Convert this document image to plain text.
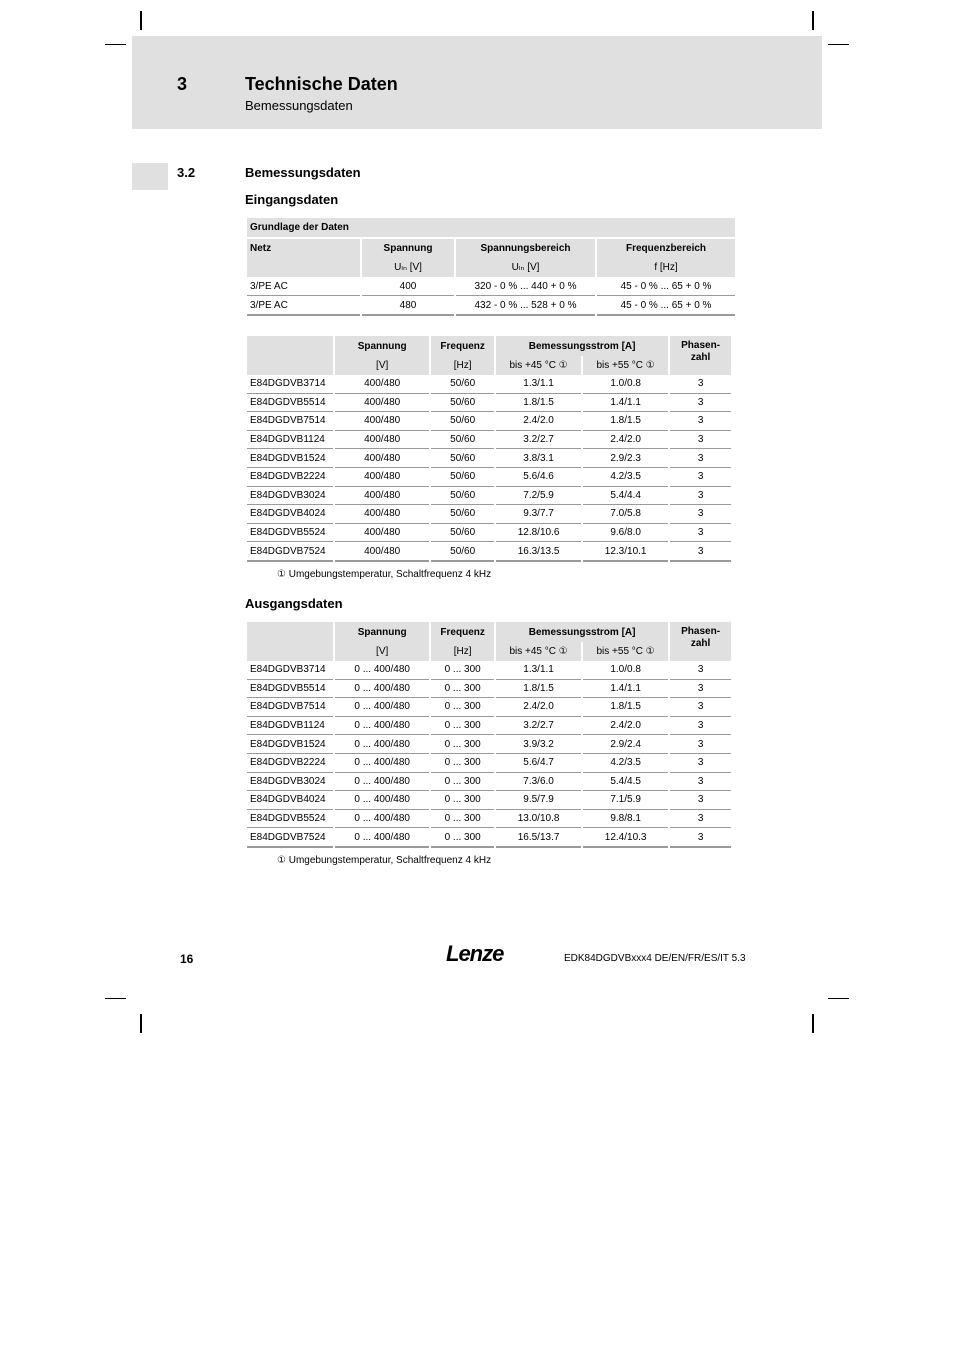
3	Technische Daten
Bemessungsdaten
3.2	Bemessungsdaten
Eingangsdaten
Grundlage der Daten			
Netz	Spannung	Spannungsbereich	Frequenzbereich
	Uₗₙ [V]	Uₗₙ [V]	f [Hz]
3/PE AC	400	320 - 0 % ... 440 + 0 %	45 - 0 % ... 65 + 0 %
3/PE AC	480	432 - 0 % ... 528 + 0 %	45 - 0 % ... 65 + 0 %
	Spannung	Frequenz	Bemessungsstrom [A]		Phasen-
zahl
	[V]	[Hz]	bis +45 °C ①	bis +55 °C ①	
E84DGDVB3714	400/480	50/60	1.3/1.1	1.0/0.8	3
E84DGDVB5514	400/480	50/60	1.8/1.5	1.4/1.1	3
E84DGDVB7514	400/480	50/60	2.4/2.0	1.8/1.5	3
E84DGDVB1124	400/480	50/60	3.2/2.7	2.4/2.0	3
E84DGDVB1524	400/480	50/60	3.8/3.1	2.9/2.3	3
E84DGDVB2224	400/480	50/60	5.6/4.6	4.2/3.5	3
E84DGDVB3024	400/480	50/60	7.2/5.9	5.4/4.4	3
E84DGDVB4024	400/480	50/60	9.3/7.7	7.0/5.8	3
E84DGDVB5524	400/480	50/60	12.8/10.6	9.6/8.0	3
E84DGDVB7524	400/480	50/60	16.3/13.5	12.3/10.1	3
① Umgebungstemperatur, Schaltfrequenz 4 kHz
Ausgangsdaten
	Spannung	Frequenz	Bemessungsstrom [A]		Phasen-
zahl
	[V]	[Hz]	bis +45 °C ①	bis +55 °C ①	
E84DGDVB3714	0 ... 400/480	0 ... 300	1.3/1.1	1.0/0.8	3
E84DGDVB5514	0 ... 400/480	0 ... 300	1.8/1.5	1.4/1.1	3
E84DGDVB7514	0 ... 400/480	0 ... 300	2.4/2.0	1.8/1.5	3
E84DGDVB1124	0 ... 400/480	0 ... 300	3.2/2.7	2.4/2.0	3
E84DGDVB1524	0 ... 400/480	0 ... 300	3.9/3.2	2.9/2.4	3
E84DGDVB2224	0 ... 400/480	0 ... 300	5.6/4.7	4.2/3.5	3
E84DGDVB3024	0 ... 400/480	0 ... 300	7.3/6.0	5.4/4.5	3
E84DGDVB4024	0 ... 400/480	0 ... 300	9.5/7.9	7.1/5.9	3
E84DGDVB5524	0 ... 400/480	0 ... 300	13.0/10.8	9.8/8.1	3
E84DGDVB7524	0 ... 400/480	0 ... 300	16.5/13.7	12.4/10.3	3
① Umgebungstemperatur, Schaltfrequenz 4 kHz
16	Lenze	EDK84DGDVBxxx4 DE/EN/FR/ES/IT 5.3
